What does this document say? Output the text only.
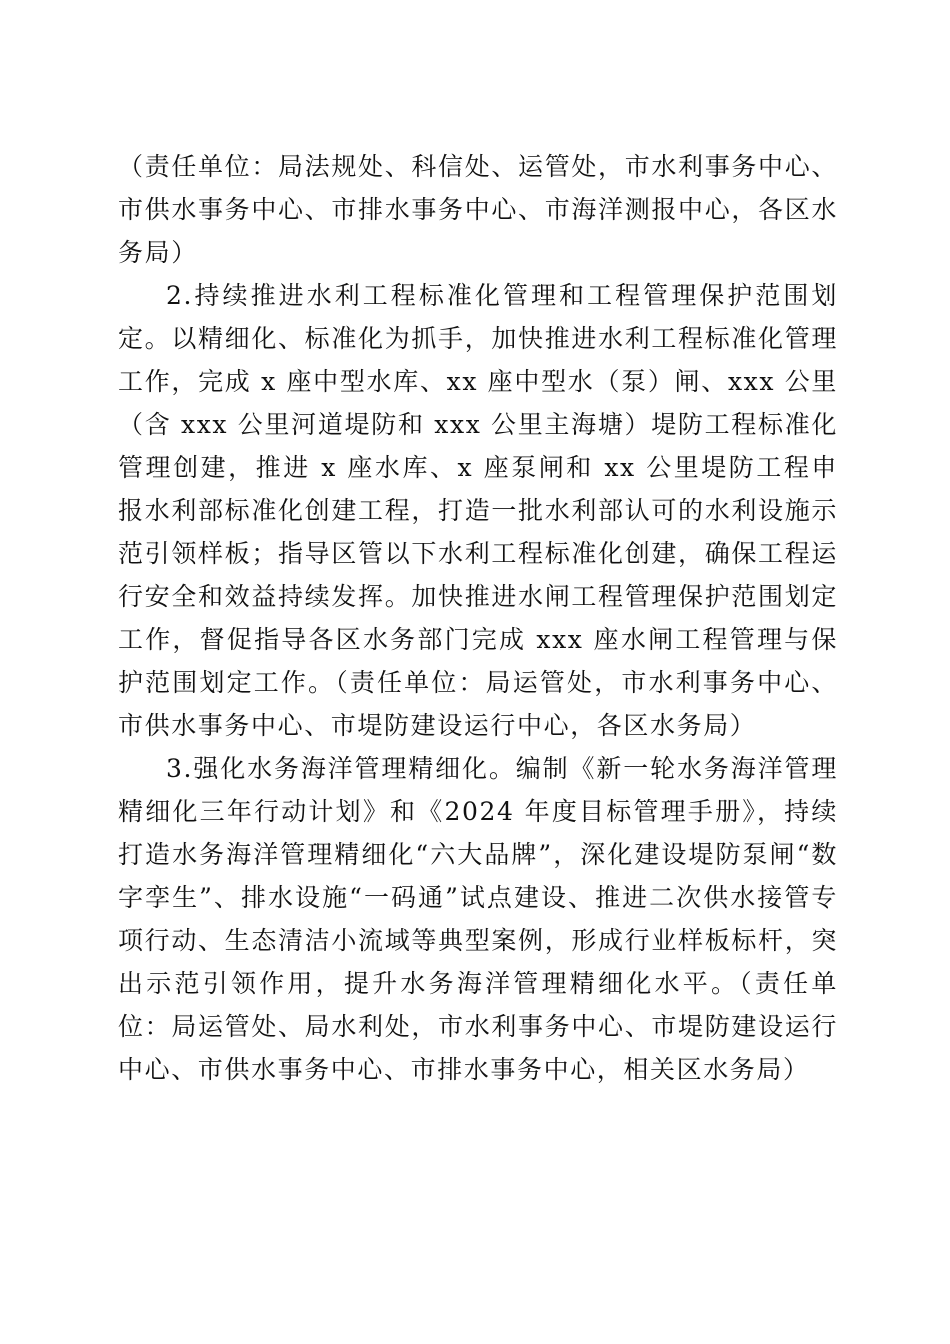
（责任单位：局法规处、科信处、运管处，市水利事务中心、市供水事务中心、市排水事务中心、市海洋测报中心，各区水务局）

2.持续推进水利工程标准化管理和工程管理保护范围划定。以精细化、标准化为抓手，加快推进水利工程标准化管理工作，完成 x 座中型水库、xx 座中型水（泵）闸、xxx 公里（含 xxx 公里河道堤防和 xxx 公里主海塘）堤防工程标准化管理创建，推进 x 座水库、x 座泵闸和 xx 公里堤防工程申报水利部标准化创建工程，打造一批水利部认可的水利设施示范引领样板；指导区管以下水利工程标准化创建，确保工程运行安全和效益持续发挥。加快推进水闸工程管理保护范围划定工作，督促指导各区水务部门完成 xxx 座水闸工程管理与保护范围划定工作。（责任单位：局运管处，市水利事务中心、市供水事务中心、市堤防建设运行中心，各区水务局）

3.强化水务海洋管理精细化。编制《新一轮水务海洋管理精细化三年行动计划》和《2024 年度目标管理手册》，持续打造水务海洋管理精细化“六大品牌”，深化建设堤防泵闸“数字孪生”、排水设施“一码通”试点建设、推进二次供水接管专项行动、生态清洁小流域等典型案例，形成行业样板标杆，突出示范引领作用，提升水务海洋管理精细化水平。（责任单位：局运管处、局水利处，市水利事务中心、市堤防建设运行中心、市供水事务中心、市排水事务中心，相关区水务局）
